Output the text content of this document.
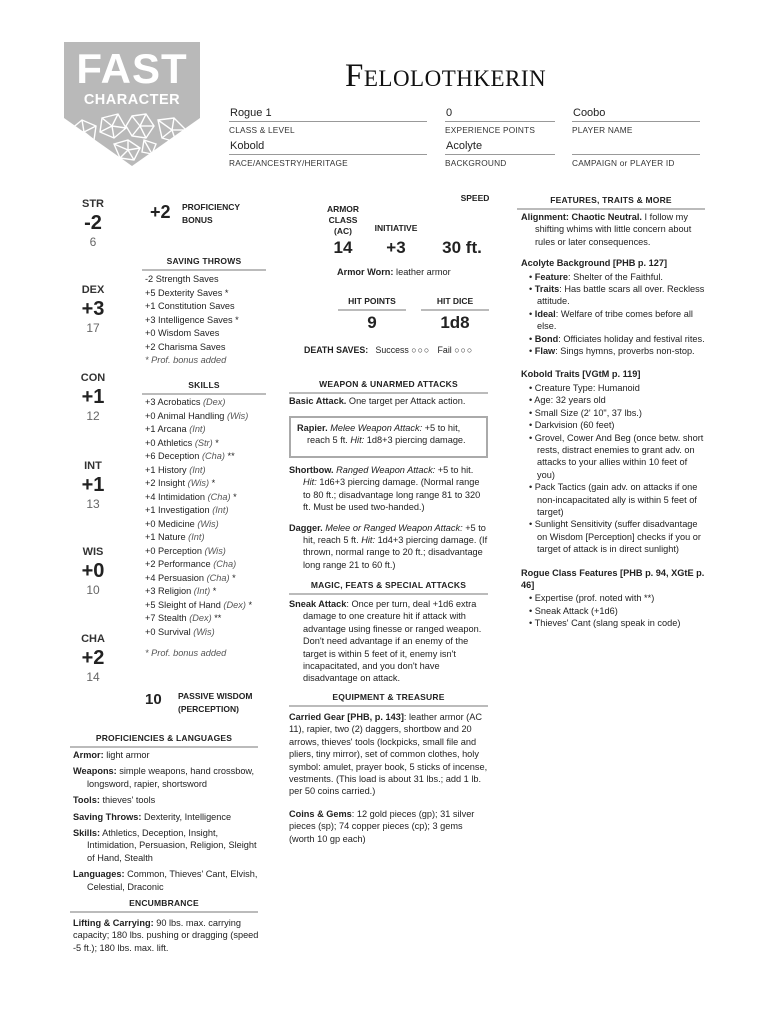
FAST
CHARACTER
Felolothkerin
Rogue 1
CLASS & LEVEL
0
EXPERIENCE POINTS
Coobo
PLAYER NAME
Kobold
RACE/ANCESTRY/HERITAGE
Acolyte
BACKGROUND	CAMPAIGN or PLAYER ID
STR
-2
6
DEX
+3
17
CON
+1
12
INT
+1
13
WIS
+0
10
CHA
+2
14
+2 PROFICIENCY
BONUS
SAVING THROWS
-2 Strength Saves
+5 Dexterity Saves *
+1 Constitution Saves
+3 Intelligence Saves *
+0 Wisdom Saves
+2 Charisma Saves
* Prof. bonus added
SKILLS
+3 Acrobatics (Dex)
+0 Animal Handling (Wis)
+1 Arcana (Int)
+0 Athletics (Str) *
+6 Deception (Cha) **
+1 History (Int)
+2 Insight (Wis) *
+4 Intimidation (Cha) *
+1 Investigation (Int)
+0 Medicine (Wis)
+1 Nature (Int)
+0 Perception (Wis)
+2 Performance (Cha)
+4 Persuasion (Cha) *
+3 Religion (Int) *
+5 Sleight of Hand (Dex) *
+7 Stealth (Dex) **
+0 Survival (Wis)
* Prof. bonus added
10 PASSIVE WISDOM
(PERCEPTION)
PROFICIENCIES & LANGUAGES

Armor: light armor

Weapons: simple weapons, hand crossbow, longsword, rapier, shortsword

Tools: thieves' tools

Saving Throws: Dexterity, Intelligence

Skills: Athletics, Deception, Insight, Intimidation, Persuasion, Religion, Sleight of Hand, Stealth

Languages: Common, Thieves' Cant, Elvish, Celestial, Draconic

ENCUMBRANCE

Lifting & Carrying: 90 lbs. max. carrying capacity; 180 lbs. pushing or dragging (speed -5 ft.); 180 lbs. max. lift.

ARMOR
CLASS
(AC)
14
INITIATIVE
+3
SPEED
30 ft.

Armor Worn: leather armor

HIT POINTS
9
HIT DICE
1d8
DEATH SAVES: Success ○○○ Fail ○○○
WEAPON & UNARMED ATTACKS

Basic Attack. One target per Attack action.

Rapier. Melee Weapon Attack: +5 to hit, reach 5 ft. Hit: 1d8+3 piercing damage.

Shortbow. Ranged Weapon Attack: +5 to hit. Hit: 1d6+3 piercing damage. (Normal range to 80 ft.; disadvantage long range 81 to 320 ft. Must be used two-handed.)

Dagger. Melee or Ranged Weapon Attack: +5 to hit, reach 5 ft. Hit: 1d4+3 piercing damage. (If thrown, normal range to 20 ft.; disadvantage long range 21 to 60 ft.)

MAGIC, FEATS & SPECIAL ATTACKS

Sneak Attack: Once per turn, deal +1d6 extra damage to one creature hit if attack with advantage using finesse or ranged weapon. Don't need advantage if an enemy of the target is within 5 feet of it, enemy isn't incapacitated, and you don't have disadvantage on attack.

EQUIPMENT & TREASURE

Carried Gear [PHB, p. 143]: leather armor (AC 11), rapier, two (2) daggers, shortbow and 20 arrows, thieves' tools (lockpicks, small file and pliers, tiny mirror), set of common clothes, holy symbol: amulet, prayer book, 5 sticks of incense, vestments. (This load is about 31 lbs.; add 1 lb. per 50 coins carried.)

Coins & Gems: 12 gold pieces (gp); 31 silver pieces (sp); 74 copper pieces (cp); 3 gems (worth 10 gp each)

FEATURES, TRAITS & MORE

Alignment: Chaotic Neutral. I follow my shifting whims with little concern about rules or later consequences.

Acolyte Background [PHB p. 127]

• Feature: Shelter of the Faithful.
• Traits: Has battle scars all over. Reckless attitude.
• Ideal: Welfare of tribe comes before all else.
• Bond: Officiates holiday and festival rites.
• Flaw: Sings hymns, proverbs non-stop.

Kobold Traits [VGtM p. 119]

• Creature Type: Humanoid
• Age: 32 years old
• Small Size (2' 10", 37 lbs.)
• Darkvision (60 feet)
• Grovel, Cower And Beg (once betw. short rests, distract enemies to grant adv. on attacks to your allies within 10 feet of you)
• Pack Tactics (gain adv. on attacks if one non-incapacitated ally is within 5 feet of target)
• Sunlight Sensitivity (suffer disadvantage on Wisdom [Perception] checks if you or target of attack is in direct sunlight)

Rogue Class Features [PHB p. 94, XGtE p. 46]

• Expertise (prof. noted with **)
• Sneak Attack (+1d6)
• Thieves' Cant (slang speak in code)
